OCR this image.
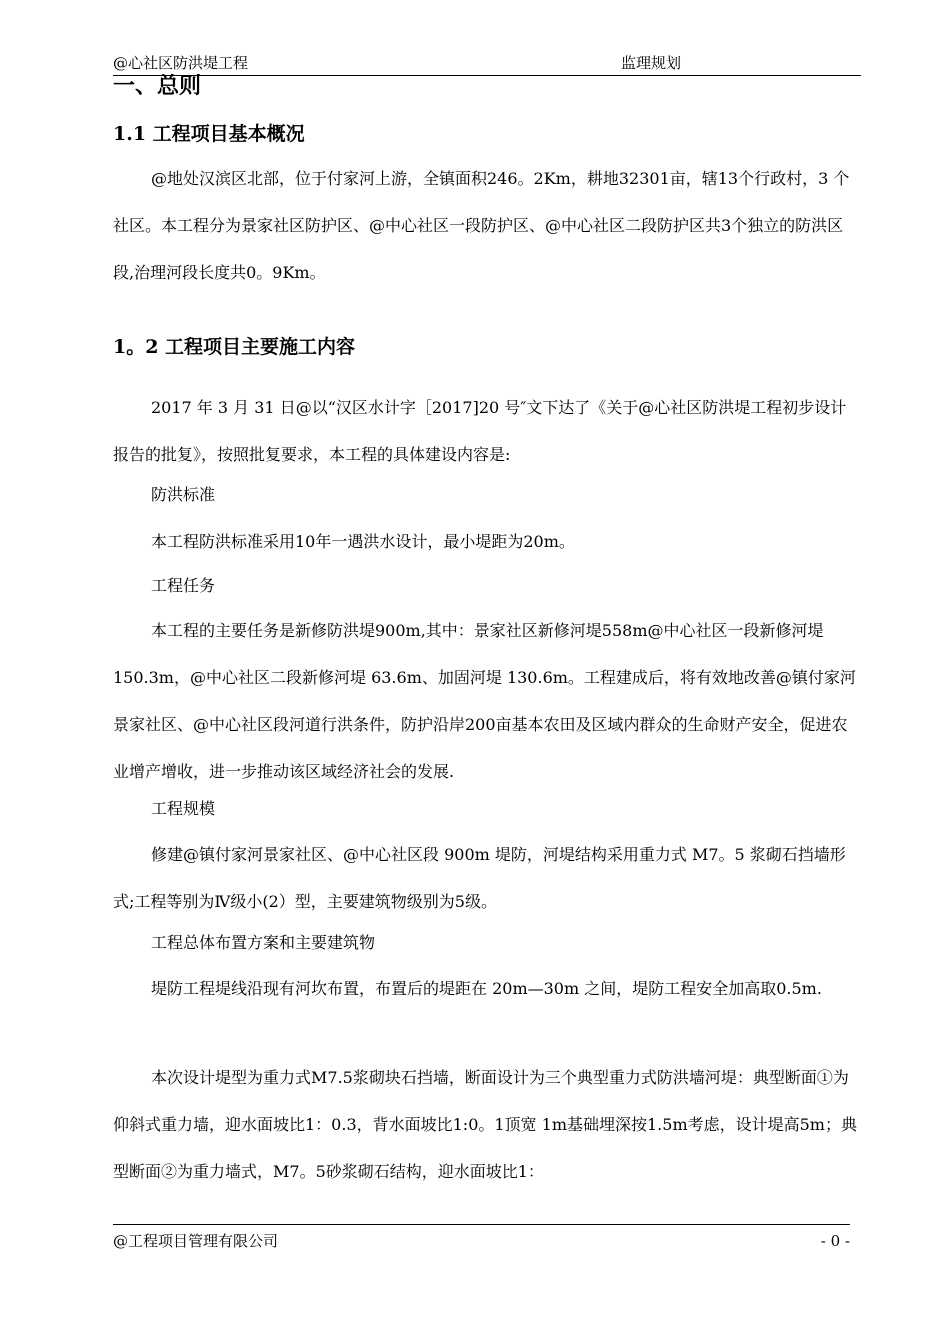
@心社区防洪堤工程	监理规划
一、总则
1.1 工程项目基本概况

@地处汉滨区北部，位于付家河上游，全镇面积246。2Km，耕地32301亩，辖13个行政村，3 个社区。本工程分为景家社区防护区、@中心社区一段防护区、@中心社区二段防护区共3个独立的防洪区段,治理河段长度共0。9Km。

1。2 工程项目主要施工内容

2017 年 3 月 31 日@以“汉区水计字［2017]20 号″文下达了《关于@心社区防洪堤工程初步设计报告的批复》，按照批复要求，本工程的具体建设内容是:

防洪标准

本工程防洪标准采用10年一遇洪水设计，最小堤距为20m。

工程任务

本工程的主要任务是新修防洪堤900m,其中：景家社区新修河堤558m@中心社区一段新修河堤 150.3m，@中心社区二段新修河堤 63.6m、加固河堤 130.6m。工程建成后，将有效地改善@镇付家河景家社区、@中心社区段河道行洪条件，防护沿岸200亩基本农田及区域内群众的生命财产安全，促进农业增产增收，进一步推动该区域经济社会的发展.

工程规模

修建@镇付家河景家社区、@中心社区段 900m 堤防，河堤结构采用重力式 M7。5 浆砌石挡墙形式;工程等别为Ⅳ级小(2）型，主要建筑物级别为5级。

工程总体布置方案和主要建筑物

堤防工程堤线沿现有河坎布置，布置后的堤距在 20m—30m 之间，堤防工程安全加高取0.5m.

本次设计堤型为重力式M7.5浆砌块石挡墙，断面设计为三个典型重力式防洪墙河堤：典型断面①为仰斜式重力墙，迎水面坡比1：0.3，背水面坡比1:0。1顶宽 1m基础埋深按1.5m考虑，设计堤高5m；典型断面②为重力墙式，M7。5砂浆砌石结构，迎水面坡比1：

@工程项目管理有限公司	- 0 -
